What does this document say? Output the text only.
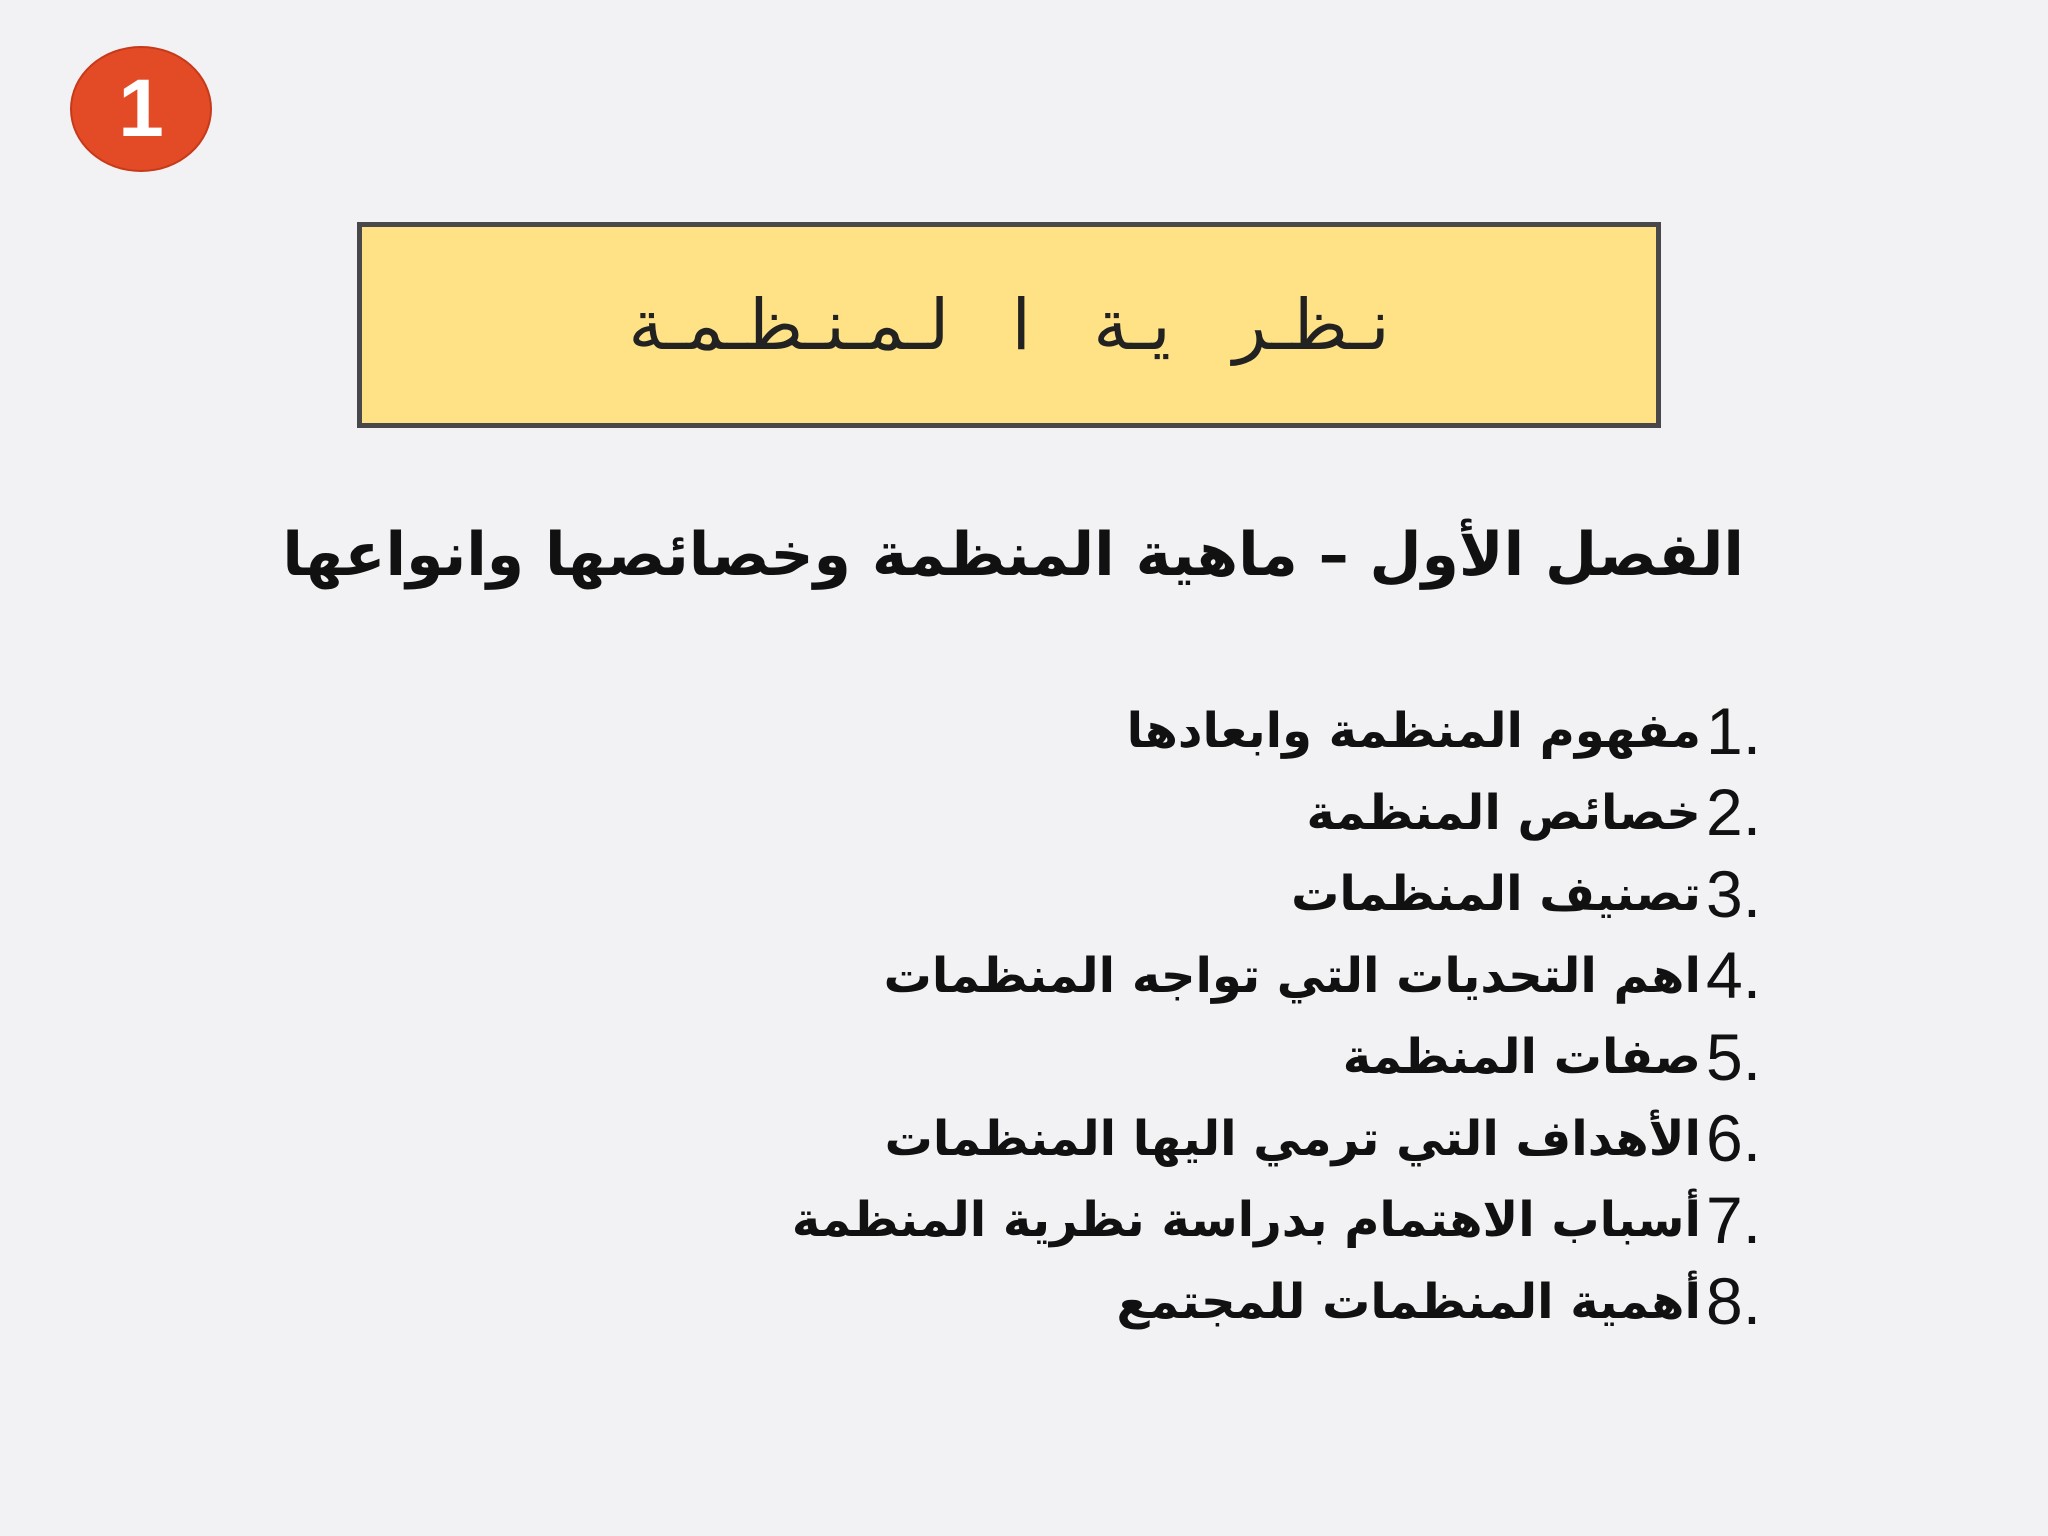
1
نـظـر يـة ا لـمـنـظـمـة
الفصل الأول – ماهية المنظمة وخصائصها وانواعها
1. مفهوم المنظمة وابعادها
2. خصائص المنظمة
3. تصنيف المنظمات
4. اهم التحديات التي تواجه المنظمات
5. صفات المنظمة
6. الأهداف التي ترمي اليها المنظمات
7. أسباب الاهتمام بدراسة نظرية المنظمة
8. أهمية المنظمات للمجتمع
